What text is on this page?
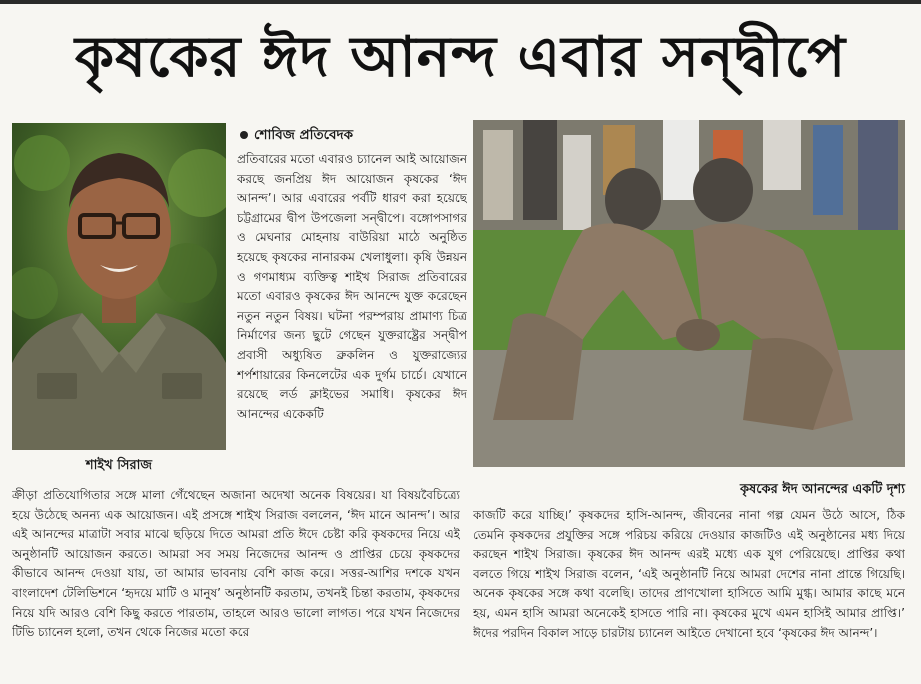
কৃষকের ঈদ আনন্দ এবার সন্দ্বীপে
শাইখ সিরাজ
শোবিজ প্রতিবেদক
প্রতিবারের মতো এবারও চ্যানেল আই আয়োজন করছে জনপ্রিয় ঈদ আয়োজন কৃষকের ‘ঈদ আনন্দ’। আর এবারের পর্বটি ধারণ করা হয়েছে চট্টগ্রামের দ্বীপ উপজেলা সন্দ্বীপে। বঙ্গোপসাগর ও মেঘনার মোহনায় বাউরিয়া মাঠে অনুষ্ঠিত হয়েছে কৃষকের নানারকম খেলাধুলা। কৃষি উন্নয়ন ও গণমাধ্যম ব্যক্তিত্ব শাইখ সিরাজ প্রতিবারের মতো এবারও কৃষকের ঈদ আনন্দে যুক্ত করেছেন নতুন নতুন বিষয়। ঘটনা পরম্পরায় প্রামাণ্য চিত্র নির্মাণের জন্য ছুটে গেছেন যুক্তরাষ্ট্রের সন্দ্বীপ প্রবাসী অধ্যুষিত ব্রুকলিন ও যুক্তরাজ্যের শর্পশায়ারের কিনলেটের এক দুর্গম চার্চে। যেখানে রয়েছে লর্ড ক্লাইভের সমাধি। কৃষকের ঈদ আনন্দের একেকটি
কৃষকের ঈদ আনন্দের একটি দৃশ্য
ক্রীড়া প্রতিযোগিতার সঙ্গে মালা গেঁথেছেন অজানা অদেখা অনেক বিষয়ের। যা বিষয়বৈচিত্র্যে হয়ে উঠেছে অনন্য এক আয়োজন। এই প্রসঙ্গে শাইখ সিরাজ বললেন, ‘ঈদ মানে আনন্দ’। আর এই আনন্দের মাত্রাটা সবার মাঝে ছড়িয়ে দিতে আমরা প্রতি ঈদে চেষ্টা করি কৃষকদের নিয়ে এই অনুষ্ঠানটি আয়োজন করতে। আমরা সব সময় নিজেদের আনন্দ ও প্রাপ্তির চেয়ে কৃষকদের কীভাবে আনন্দ দেওয়া যায়, তা আমার ভাবনায় বেশি কাজ করে। সত্তর-আশির দশকে যখন বাংলাদেশ টেলিভিশনে ‘হৃদয়ে মাটি ও মানুষ’ অনুষ্ঠানটি করতাম, তখনই চিন্তা করতাম, কৃষকদের নিয়ে যদি আরও বেশি কিছু করতে পারতাম, তাহলে আরও ভালো লাগত। পরে যখন নিজেদের টিভি চ্যানেল হলো, তখন থেকে নিজের মতো করে
কাজটি করে যাচ্ছি।’ কৃষকদের হাসি-আনন্দ, জীবনের নানা গল্প যেমন উঠে আসে, ঠিক তেমনি কৃষকদের প্রযুক্তির সঙ্গে পরিচয় করিয়ে দেওয়ার কাজটিও এই অনুষ্ঠানের মধ্য দিয়ে করছেন শাইখ সিরাজ। কৃষকের ঈদ আনন্দ এরই মধ্যে এক যুগ পেরিয়েছে। প্রাপ্তির কথা বলতে গিয়ে শাইখ সিরাজ বলেন, ‘এই অনুষ্ঠানটি নিয়ে আমরা দেশের নানা প্রান্তে গিয়েছি। অনেক কৃষকের সঙ্গে কথা বলেছি। তাদের প্রাণখোলা হাসিতে আমি মুগ্ধ। আমার কাছে মনে হয়, এমন হাসি আমরা অনেকেই হাসতে পারি না। কৃষকের মুখে এমন হাসিই আমার প্রাপ্তি।’ ঈদের পরদিন বিকাল সাড়ে চারটায় চ্যানেল আইতে দেখানো হবে ‘কৃষকের ঈদ আনন্দ’।
